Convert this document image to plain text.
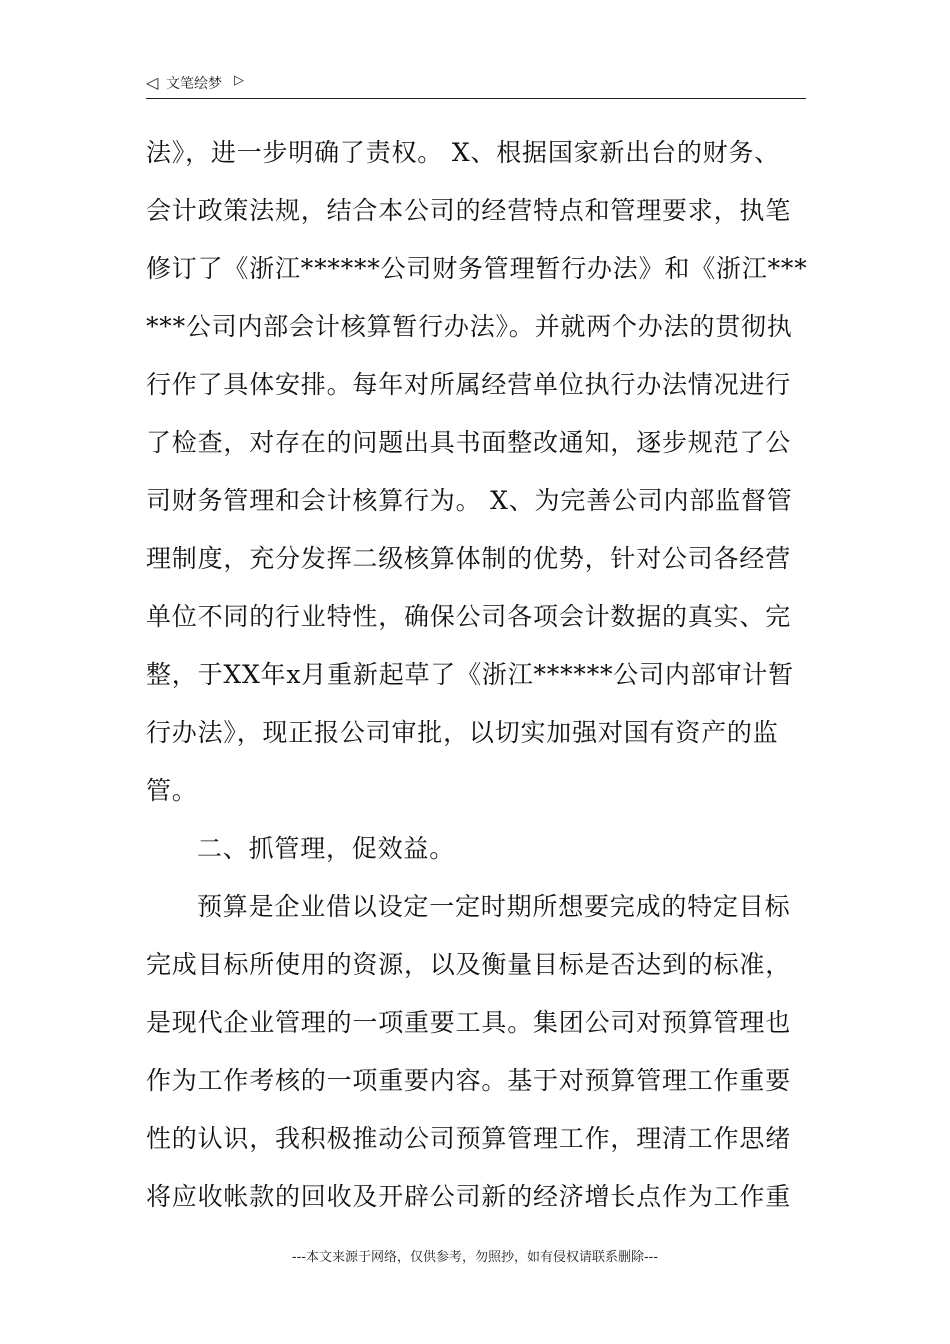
◁ 文笔绘梦 ▷
法》，进一步明确了责权。 X、根据国家新出台的财务、
会计政策法规，结合本公司的经营特点和管理要求，执笔
修订了《浙江******公司财务管理暂行办法》和《浙江***
***公司内部会计核算暂行办法》。并就两个办法的贯彻执
行作了具体安排。每年对所属经营单位执行办法情况进行
了检查，对存在的问题出具书面整改通知，逐步规范了公
司财务管理和会计核算行为。 X、为完善公司内部监督管
理制度，充分发挥二级核算体制的优势，针对公司各经营
单位不同的行业特性，确保公司各项会计数据的真实、完
整，于XX年x月重新起草了《浙江******公司内部审计暂
行办法》，现正报公司审批，以切实加强对国有资产的监
管。
二、抓管理，促效益。
预算是企业借以设定一定时期所想要完成的特定目标
完成目标所使用的资源，以及衡量目标是否达到的标准，
是现代企业管理的一项重要工具。集团公司对预算管理也
作为工作考核的一项重要内容。基于对预算管理工作重要
性的认识，我积极推动公司预算管理工作，理清工作思绪
将应收帐款的回收及开辟公司新的经济增长点作为工作重
---本文来源于网络，仅供参考，勿照抄，如有侵权请联系删除---
